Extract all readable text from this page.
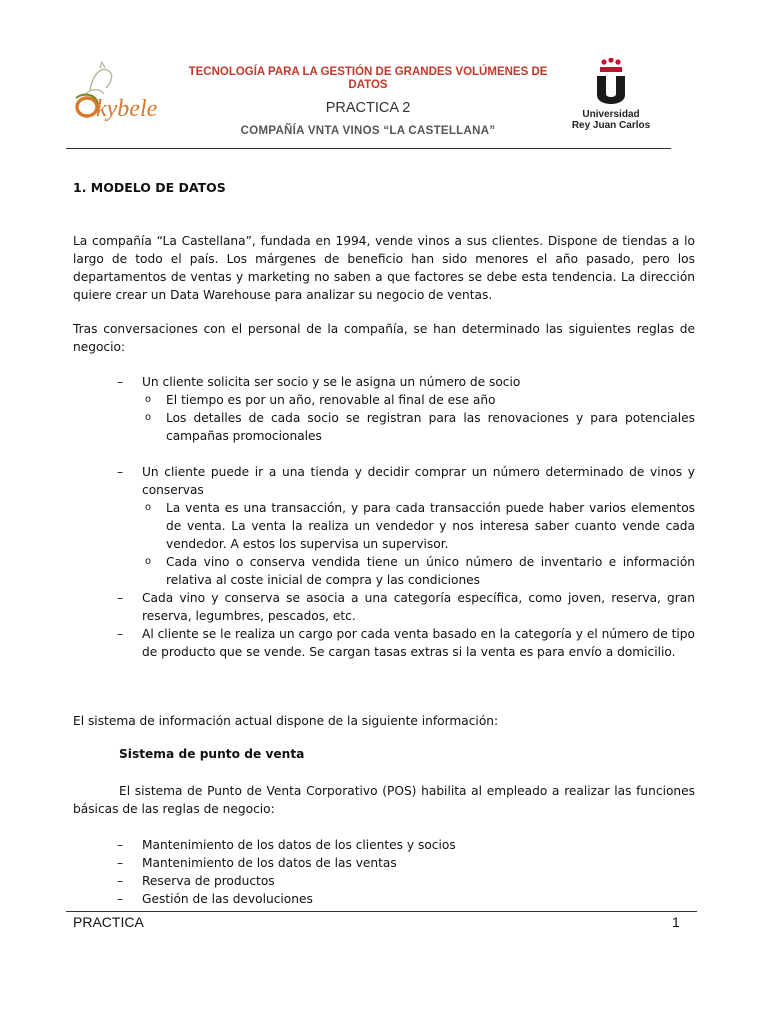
kybele
TECNOLOGÍA PARA LA GESTIÓN DE GRANDES VOLÚMENES DE
DATOS
PRACTICA 2
COMPAÑÍA VNTA VINOS “LA CASTELLANA”
Universidad
Rey Juan Carlos
1. MODELO DE DATOS
La compañía “La Castellana”, fundada en 1994, vende vinos a sus clientes. Dispone de tiendas a lo largo de todo el país. Los márgenes de beneficio han sido menores el año pasado, pero los departamentos de ventas y marketing no saben a que factores se debe esta tendencia. La dirección quiere crear un Data Warehouse para analizar su negocio de ventas.
Tras conversaciones con el personal de la compañía, se han determinado las siguientes reglas de negocio:
– Un cliente solicita ser socio y se le asigna un número de socio
o El tiempo es por un año, renovable al final de ese año
o Los detalles de cada socio se registran para las renovaciones y para potenciales campañas promocionales
– Un cliente puede ir a una tienda y decidir comprar un número determinado de vinos y conservas
o La venta es una transacción, y para cada transacción puede haber varios elementos de venta. La venta la realiza un vendedor y nos interesa saber cuanto vende cada vendedor. A estos los supervisa un supervisor.
o Cada vino o conserva vendida tiene un único número de inventario e información relativa al coste inicial de compra y las condiciones
– Cada vino y conserva se asocia a una categoría específica, como joven, reserva, gran reserva, legumbres, pescados, etc.
– Al cliente se le realiza un cargo por cada venta basado en la categoría y el número de tipo de producto que se vende. Se cargan tasas extras si la venta es para envío a domicilio.
El sistema de información actual dispone de la siguiente información:
Sistema de punto de venta
El sistema de Punto de Venta Corporativo (POS) habilita al empleado a realizar las funciones básicas de las reglas de negocio:
– Mantenimiento de los datos de los clientes y socios
– Mantenimiento de los datos de las ventas
– Reserva de productos
– Gestión de las devoluciones
PRACTICA	1
